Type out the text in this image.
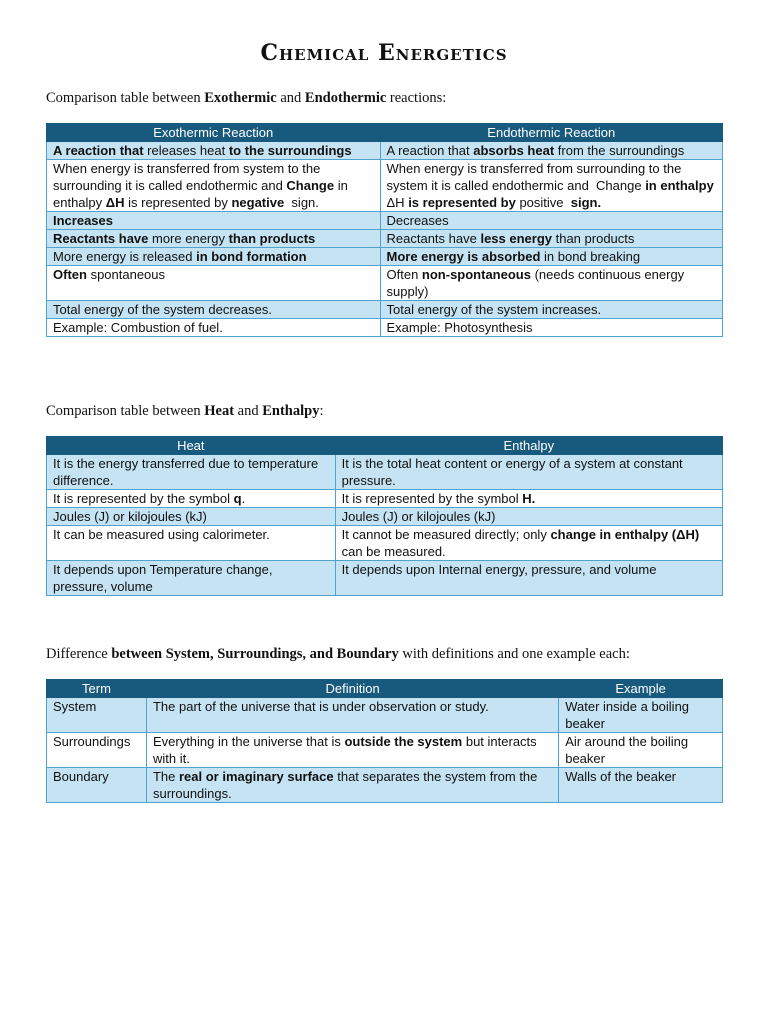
Chemical Energetics

Comparison table between Exothermic and Endothermic reactions:

Exothermic Reaction	Endothermic Reaction
A reaction that releases heat to the surroundings	A reaction that absorbs heat from the surroundings
When energy is transferred from system to the surrounding it is called endothermic and Change in enthalpy ΔH is represented by negative  sign.	When energy is transferred from surrounding to the system it is called endothermic and  Change in enthalpy ΔH is represented by positive  sign.
Increases	Decreases
Reactants have more energy than products	Reactants have less energy than products
More energy is released in bond formation	More energy is absorbed in bond breaking
Often spontaneous	Often non-spontaneous (needs continuous energy supply)
Total energy of the system decreases.	Total energy of the system increases.
Example: Combustion of fuel.	Example: Photosynthesis

Comparison table between Heat and Enthalpy:

Heat	Enthalpy
It is the energy transferred due to temperature difference.	It is the total heat content or energy of a system at constant pressure.
It is represented by the symbol q.	It is represented by the symbol H.
Joules (J) or kilojoules (kJ)	Joules (J) or kilojoules (kJ)
It can be measured using calorimeter.	It cannot be measured directly; only change in enthalpy (ΔH) can be measured.
It depends upon Temperature change, pressure, volume	It depends upon Internal energy, pressure, and volume

Difference between System, Surroundings, and Boundary with definitions and one example each:

Term	Definition	Example
System	The part of the universe that is under observation or study.	Water inside a boiling beaker
Surroundings	Everything in the universe that is outside the system but interacts with it.	Air around the boiling beaker
Boundary	The real or imaginary surface that separates the system from the surroundings.	Walls of the beaker
